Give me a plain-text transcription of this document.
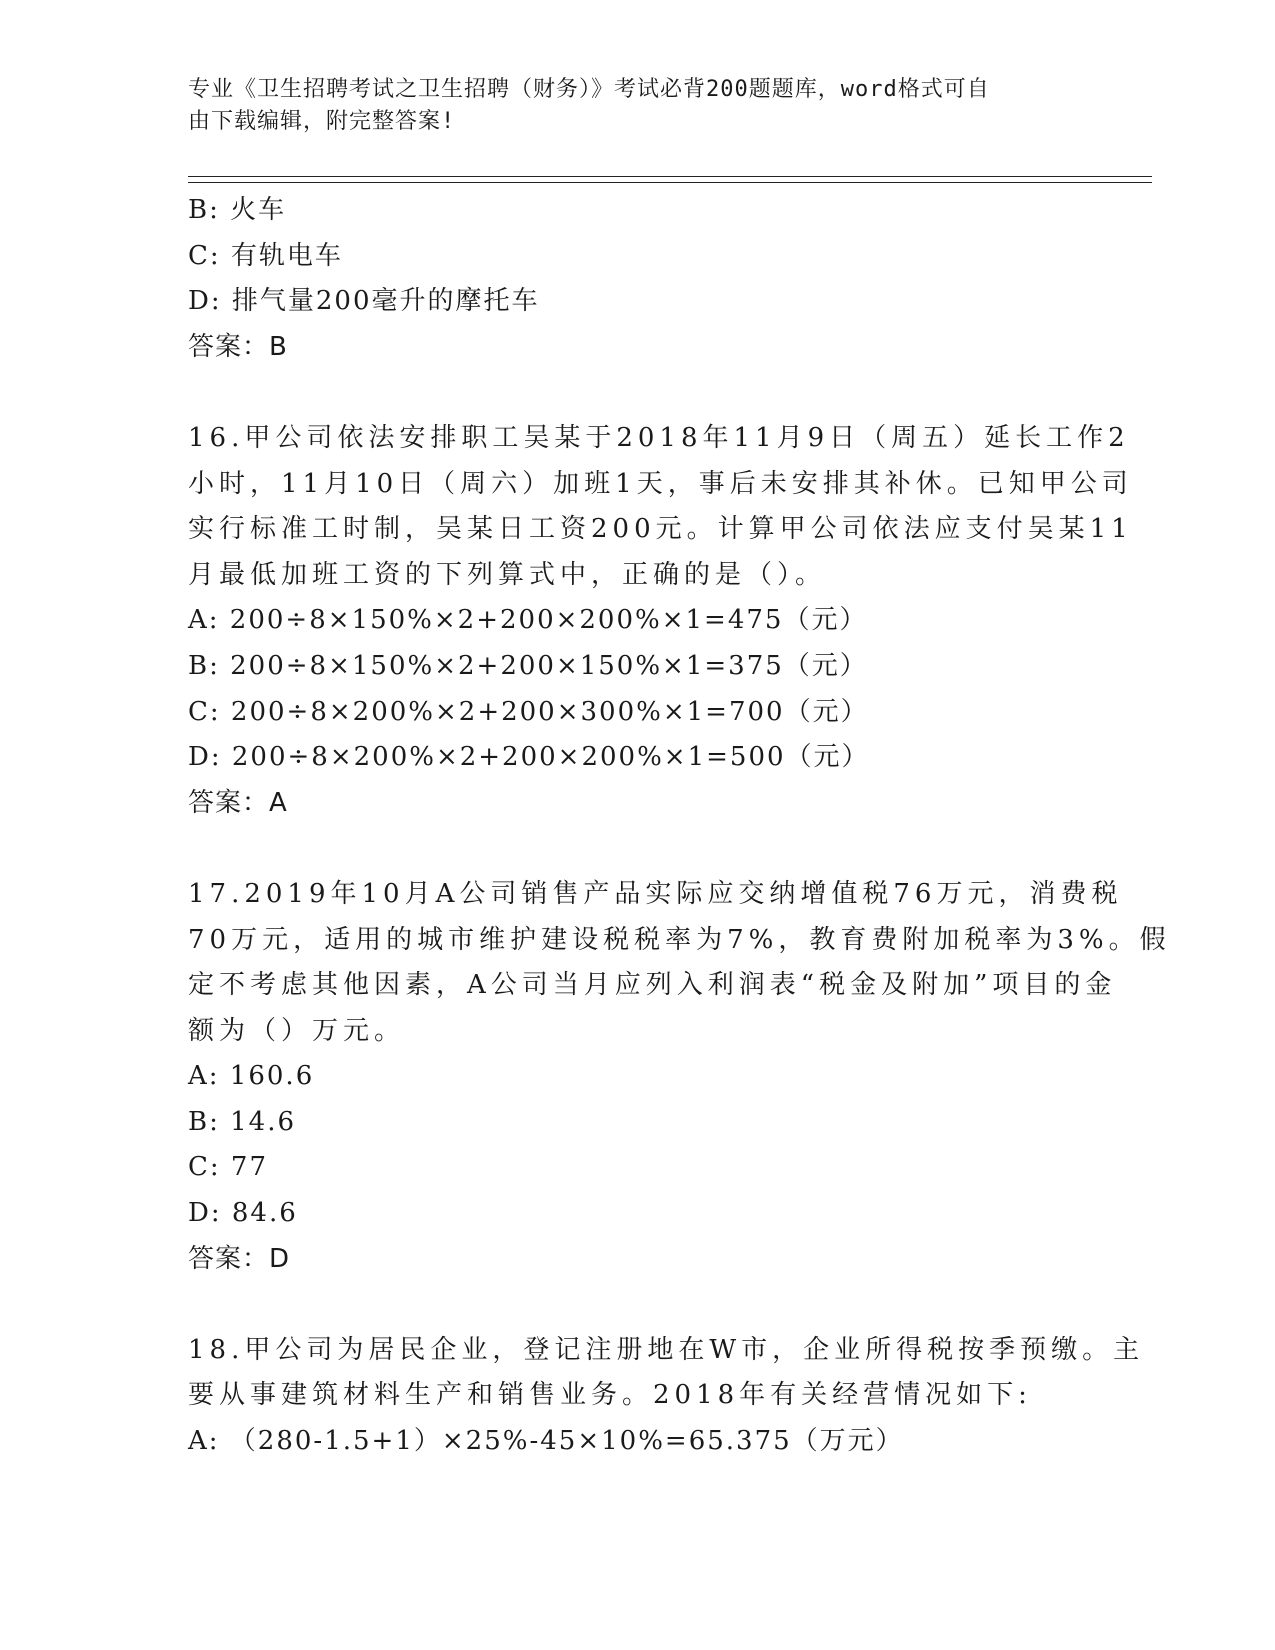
专业《卫生招聘考试之卫生招聘（财务）》考试必背200题题库，word格式可自
由下载编辑，附完整答案!
B: 火车
C: 有轨电车
D: 排气量200毫升的摩托车
答案：B
16.甲公司依法安排职工吴某于2018年11月9日（周五）延长工作2
小时，11月10日（周六）加班1天，事后未安排其补休。已知甲公司
实行标准工时制，吴某日工资200元。计算甲公司依法应支付吴某11
月最低加班工资的下列算式中，正确的是（）。
A: 200÷8×150%×2+200×200%×1=475（元）
B: 200÷8×150%×2+200×150%×1=375（元）
C: 200÷8×200%×2+200×300%×1=700（元）
D: 200÷8×200%×2+200×200%×1=500（元）
答案：A
17.2019年10月A公司销售产品实际应交纳增值税76万元，消费税
70万元，适用的城市维护建设税税率为7%，教育费附加税率为3%。假
定不考虑其他因素，A公司当月应列入利润表“税金及附加”项目的金
额为（）万元。
A: 160.6
B: 14.6
C: 77
D: 84.6
答案：D
18.甲公司为居民企业，登记注册地在W市，企业所得税按季预缴。主
要从事建筑材料生产和销售业务。2018年有关经营情况如下:
A: （280-1.5+1）×25%-45×10%=65.375（万元）
